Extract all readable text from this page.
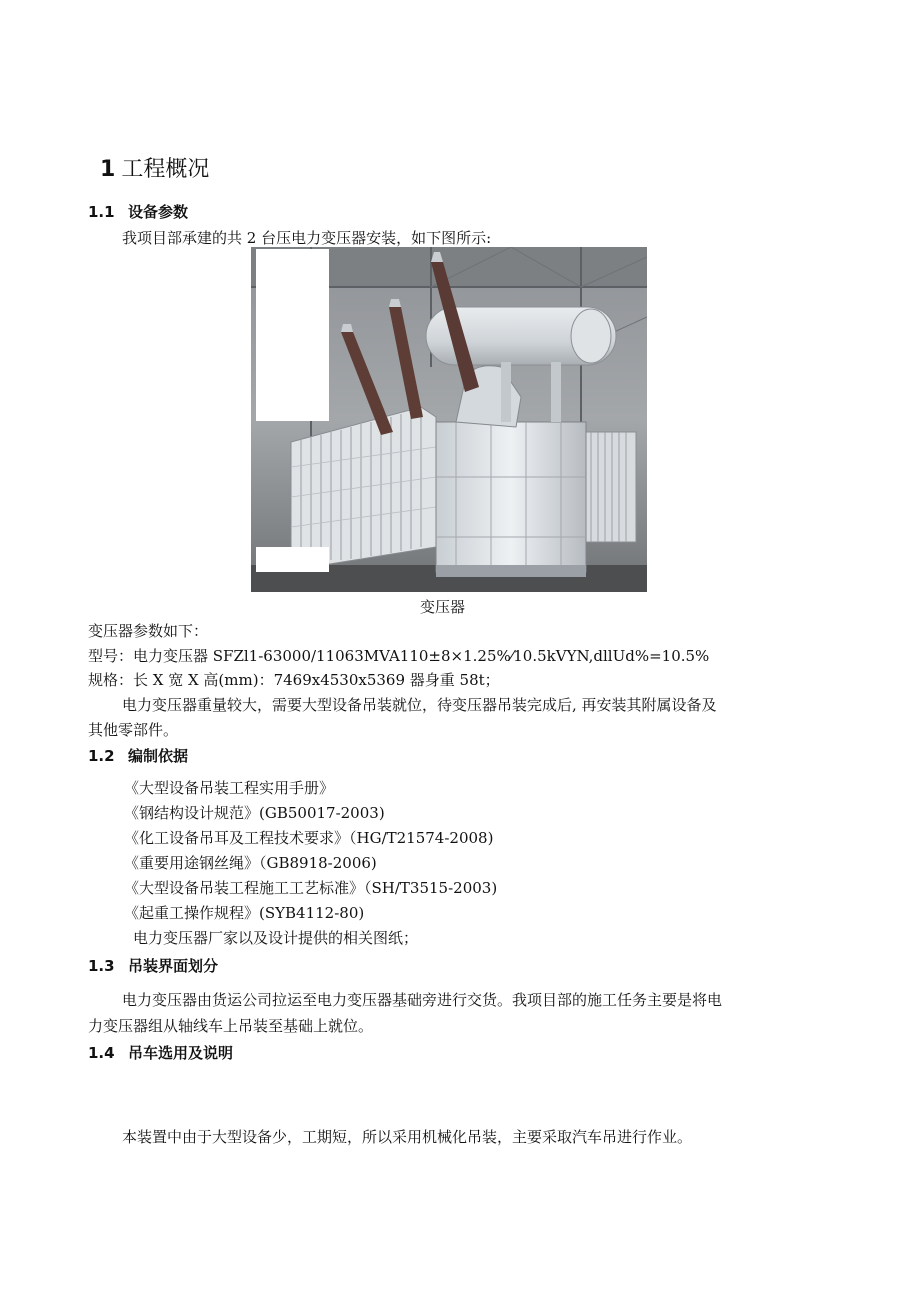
1 工程概况
1.1 设备参数
我项目部承建的共 2 台压电力变压器安装，如下图所示:
变压器
变压器参数如下：
型号：电力变压器 SFZl1-63000/11063MVA110±8×1.25%⁄10.5kVYN,dllUd%=10.5%
规格：长 X 宽 X 高(mm)：7469x4530x5369 器身重 58t；
电力变压器重量较大，需要大型设备吊装就位，待变压器吊装完成后, 再安装其附属设备及
其他零部件。
1.2 编制依据
《大型设备吊装工程实用手册》
《钢结构设计规范》(GB50017-2003)
《化工设备吊耳及工程技术要求》（HG/T21574-2008)
《重要用途钢丝绳》（GB8918-2006)
《大型设备吊装工程施工工艺标准》（SH/T3515-2003)
《起重工操作规程》(SYB4112-80)
电力变压器厂家以及设计提供的相关图纸；
1.3 吊装界面划分
电力变压器由货运公司拉运至电力变压器基础旁进行交货。我项目部的施工任务主要是将电
力变压器组从轴线车上吊装至基础上就位。
1.4 吊车选用及说明
本装置中由于大型设备少，工期短，所以采用机械化吊装，主要采取汽车吊进行作业。
